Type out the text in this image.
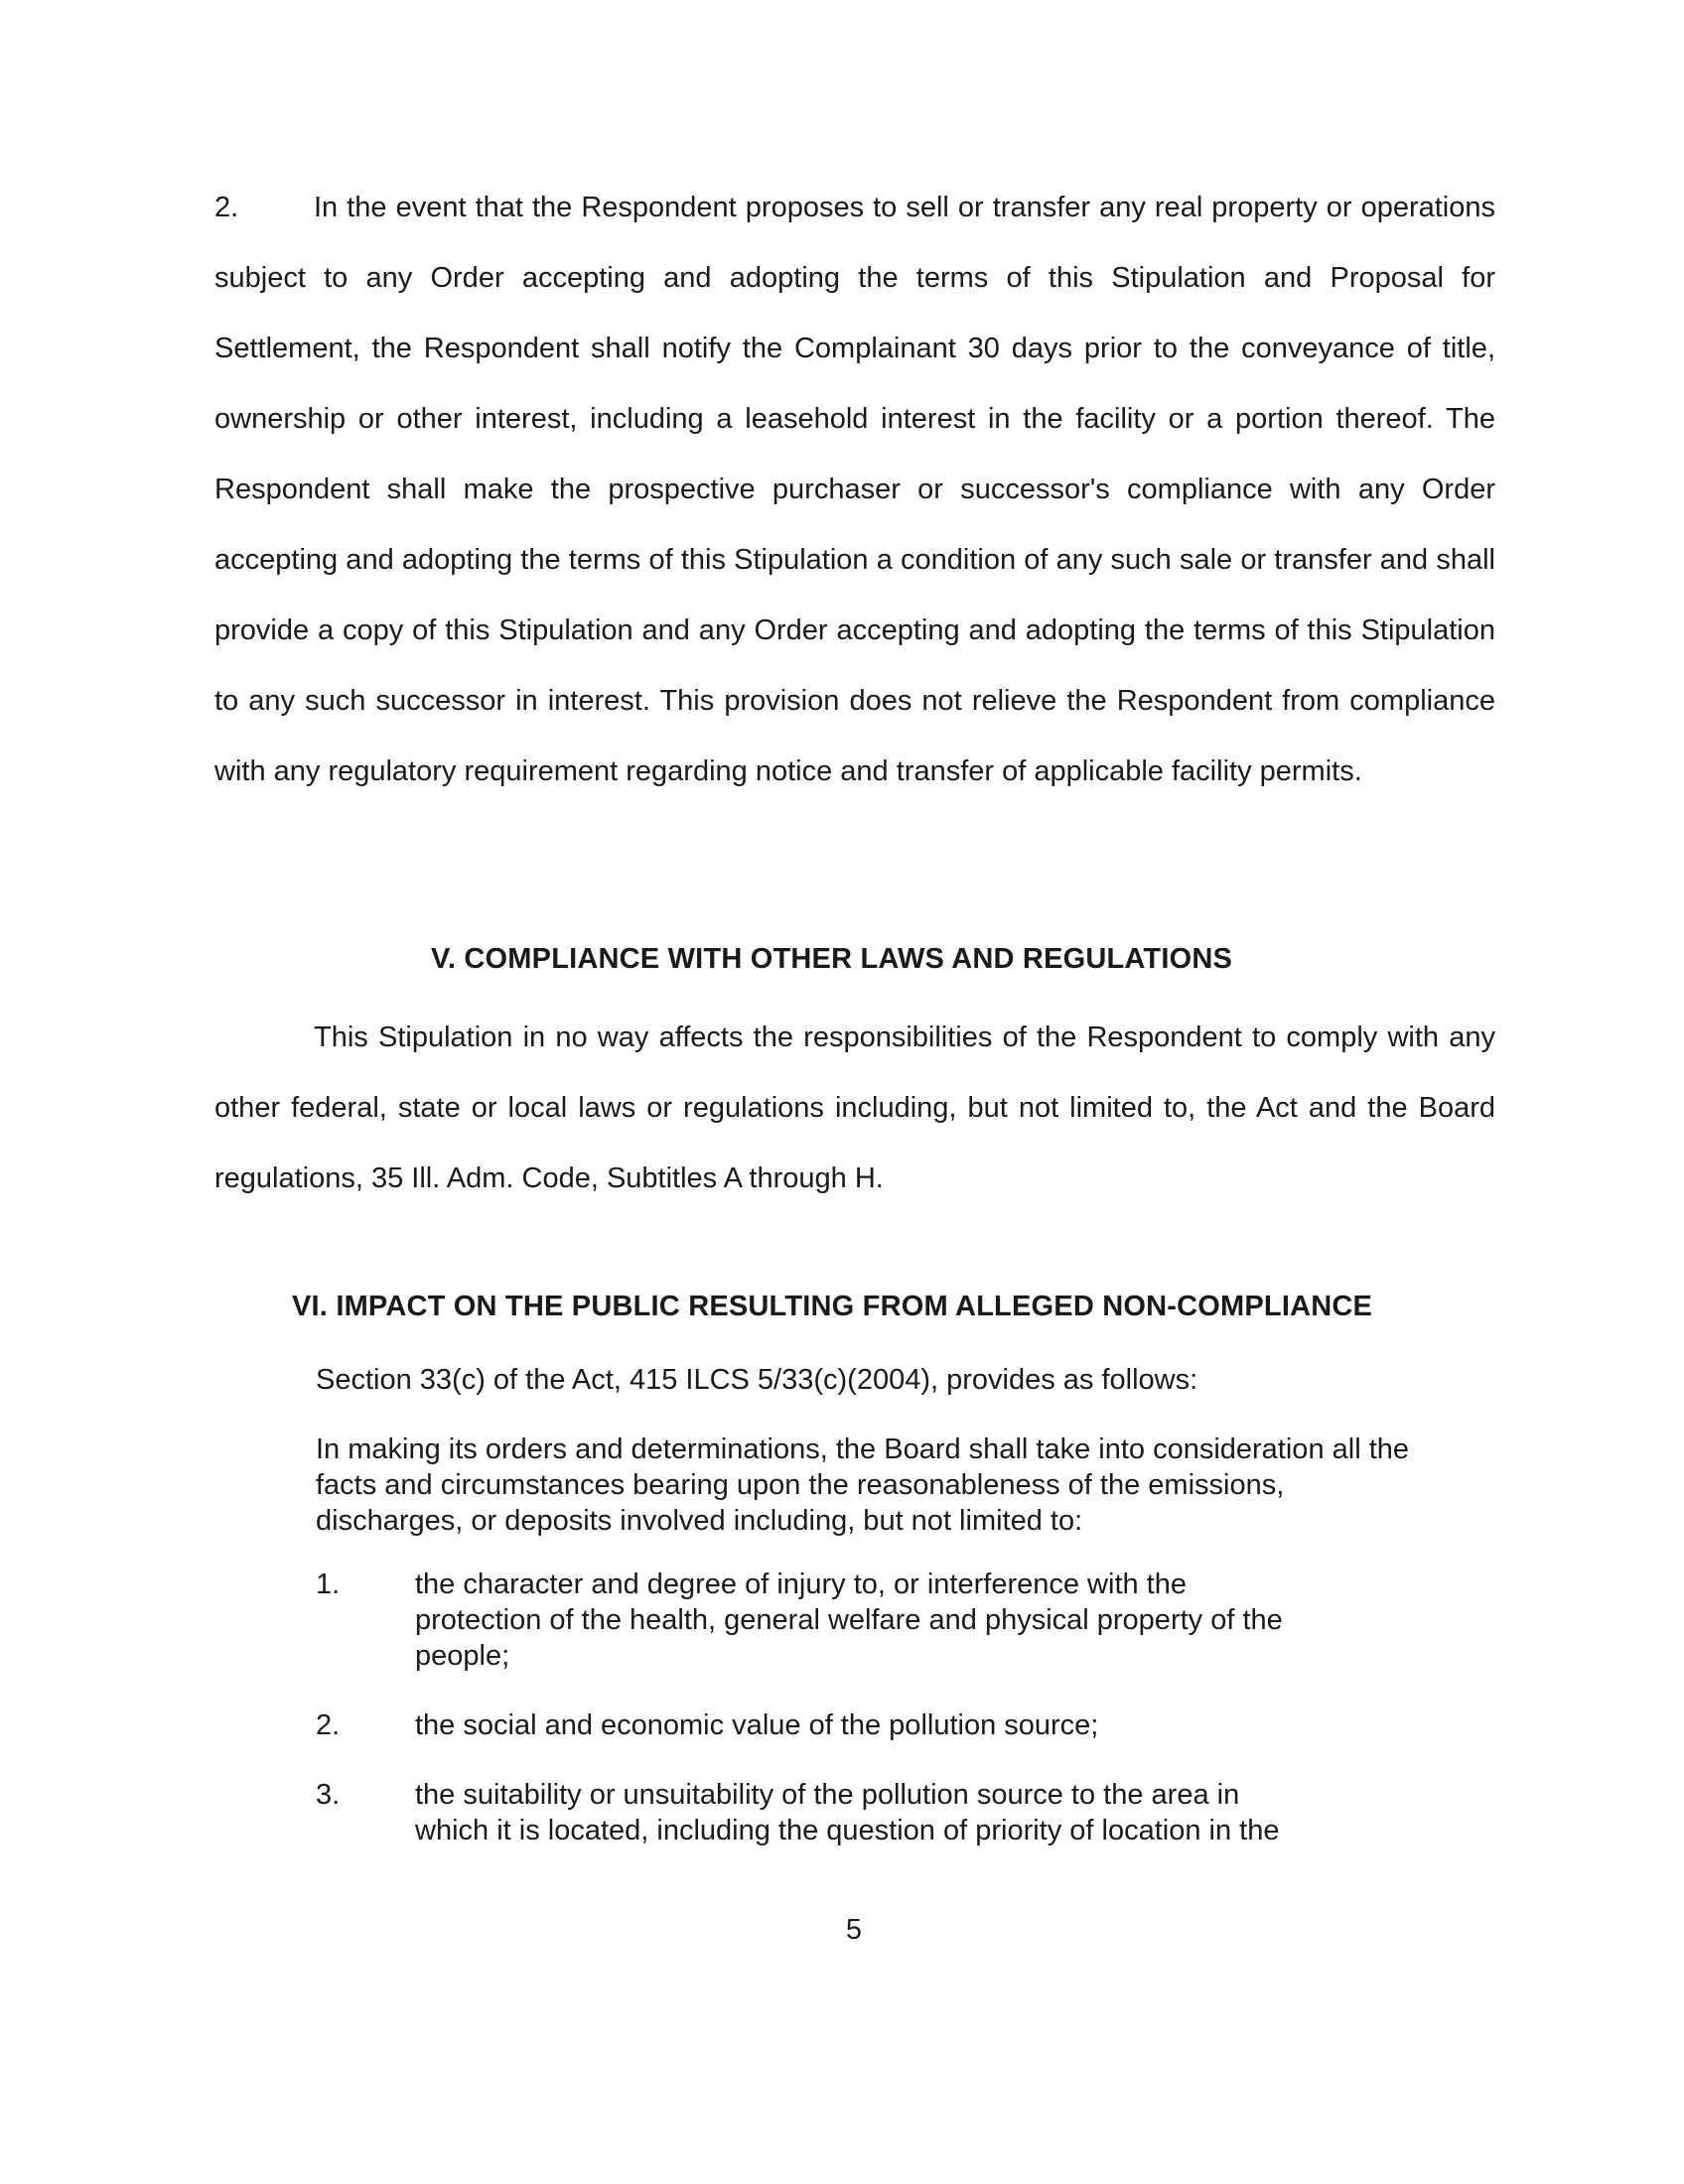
2.	In the event that the Respondent proposes to sell or transfer any real property or operations subject to any Order accepting and adopting the terms of this Stipulation and Proposal for Settlement, the Respondent shall notify the Complainant 30 days prior to the conveyance of title, ownership or other interest, including a leasehold interest in the facility or a portion thereof. The Respondent shall make the prospective purchaser or successor's compliance with any Order accepting and adopting the terms of this Stipulation a condition of any such sale or transfer and shall provide a copy of this Stipulation and any Order accepting and adopting the terms of this Stipulation to any such successor in interest. This provision does not relieve the Respondent from compliance with any regulatory requirement regarding notice and transfer of applicable facility permits.
V. COMPLIANCE WITH OTHER LAWS AND REGULATIONS
This Stipulation in no way affects the responsibilities of the Respondent to comply with any other federal, state or local laws or regulations including, but not limited to, the Act and the Board regulations, 35 Ill. Adm. Code, Subtitles A through H.
VI. IMPACT ON THE PUBLIC RESULTING FROM ALLEGED NON-COMPLIANCE
Section 33(c) of the Act, 415 ILCS 5/33(c)(2004), provides as follows:
In making its orders and determinations, the Board shall take into consideration all the facts and circumstances bearing upon the reasonableness of the emissions, discharges, or deposits involved including, but not limited to:
1.	the character and degree of injury to, or interference with the protection of the health, general welfare and physical property of the people;
2.	the social and economic value of the pollution source;
3.	the suitability or unsuitability of the pollution source to the area in which it is located, including the question of priority of location in the
5
